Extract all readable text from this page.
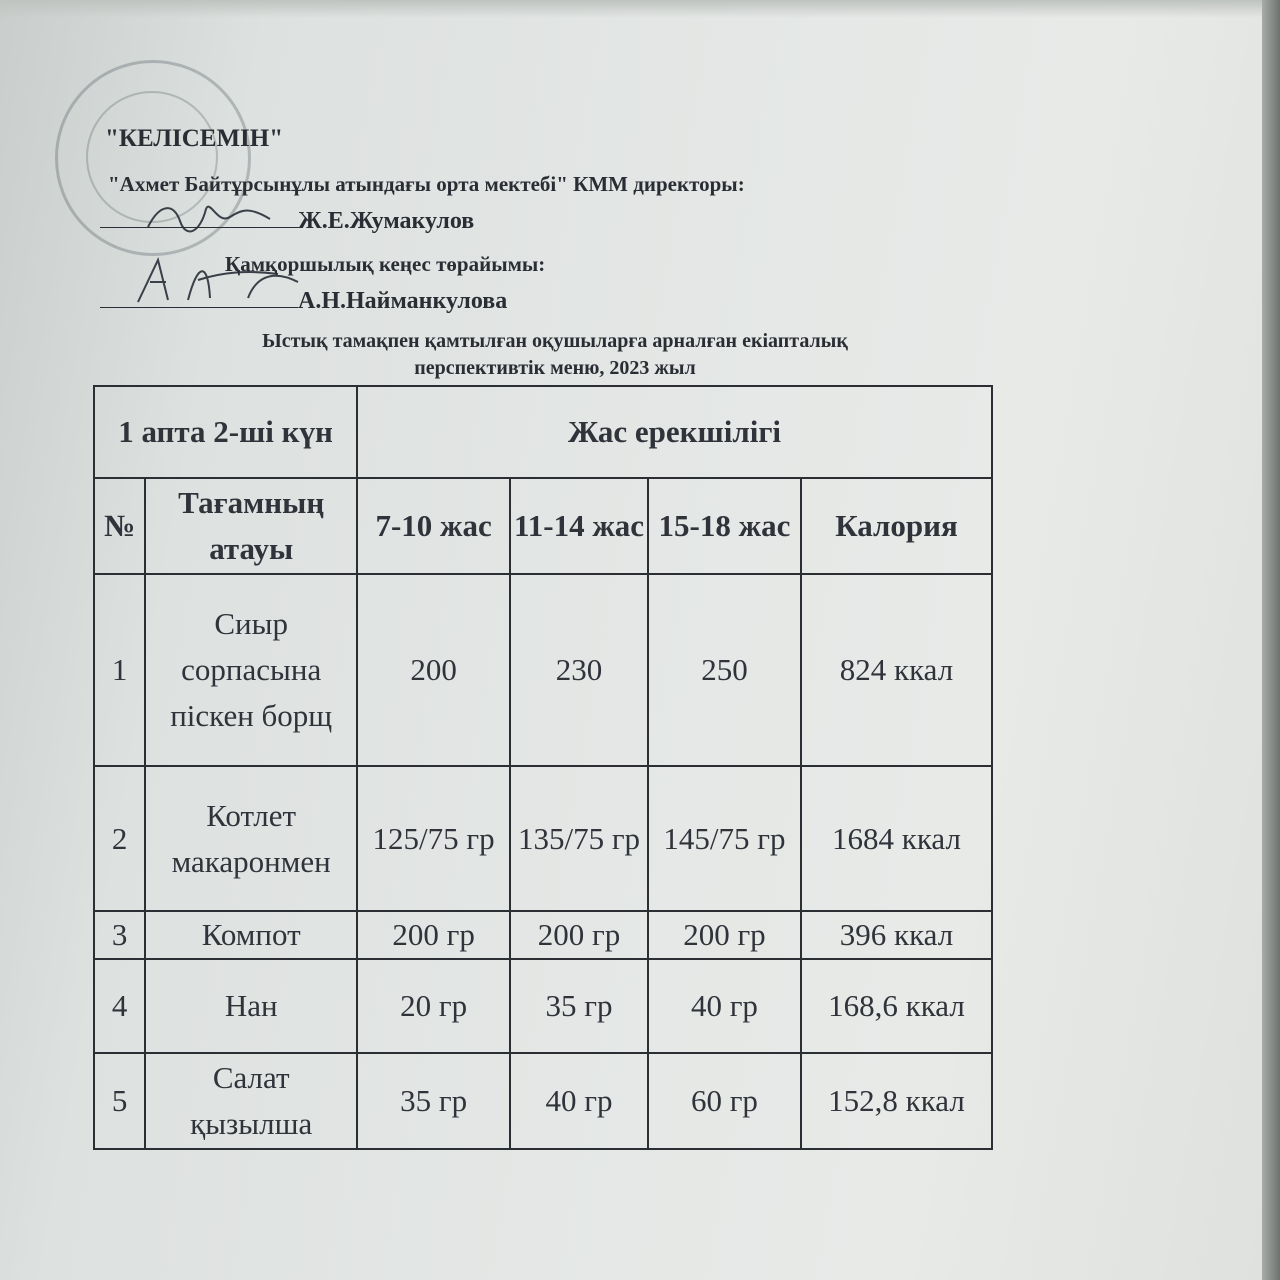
"КЕЛІСЕМІН"
"Ахмет Байтұрсынұлы атындағы орта мектебі" КММ директоры:
Ж.Е.Жумакулов
Қамқоршылық кеңес төрайымы:
А.Н.Найманкулова
Ыстық тамақпен қамтылған оқушыларға арналған екіапталық
перспективтік меню, 2023 жыл
1 апта 2-ші күн		Жас ерекшілігі			
№	Тағамның атауы	7-10 жас	11-14 жас	15-18 жас	Калория
1	Сиыр сорпасына піскен борщ	200	230	250	824 ккал
2	Котлет макаронмен	125/75 гр	135/75 гр	145/75 гр	1684 ккал
3	Компот	200 гр	200 гр	200 гр	396 ккал
4	Нан	20 гр	35 гр	40 гр	168,6 ккал
5	Салат қызылша	35 гр	40 гр	60 гр	152,8 ккал
